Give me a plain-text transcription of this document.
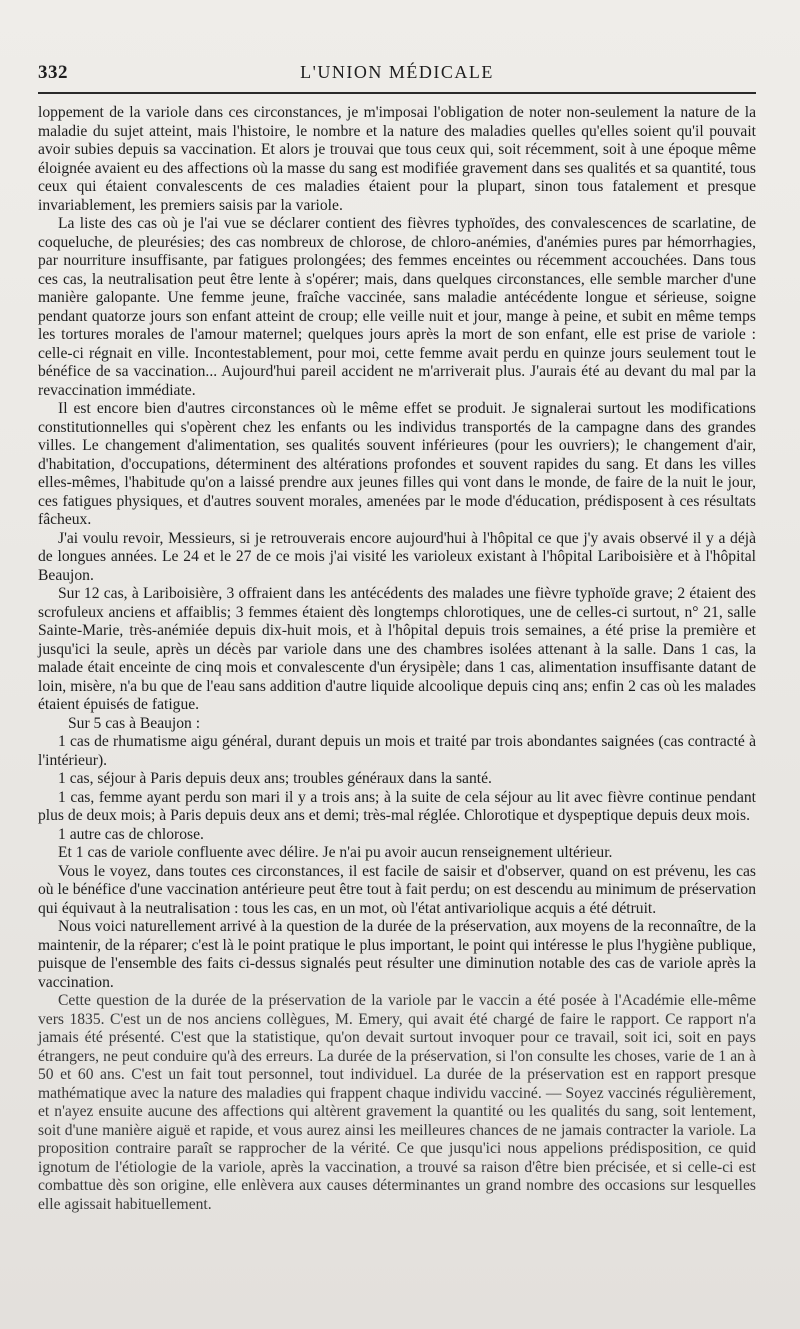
332	L'UNION MÉDICALE

loppement de la variole dans ces circonstances, je m'imposai l'obligation de noter non-seulement la nature de la maladie du sujet atteint, mais l'histoire, le nombre et la nature des maladies quelles qu'elles soient qu'il pouvait avoir subies depuis sa vaccination. Et alors je trouvai que tous ceux qui, soit récemment, soit à une époque même éloignée avaient eu des affections où la masse du sang est modifiée gravement dans ses qualités et sa quantité, tous ceux qui étaient convalescents de ces maladies étaient pour la plupart, sinon tous fatalement et presque invariablement, les premiers saisis par la variole.

La liste des cas où je l'ai vue se déclarer contient des fièvres typhoïdes, des convalescences de scarlatine, de coqueluche, de pleurésies; des cas nombreux de chlorose, de chloro-anémies, d'anémies pures par hémorrhagies, par nourriture insuffisante, par fatigues prolongées; des femmes enceintes ou récemment accouchées. Dans tous ces cas, la neutralisation peut être lente à s'opérer; mais, dans quelques circonstances, elle semble marcher d'une manière galopante. Une femme jeune, fraîche vaccinée, sans maladie antécédente longue et sérieuse, soigne pendant quatorze jours son enfant atteint de croup; elle veille nuit et jour, mange à peine, et subit en même temps les tortures morales de l'amour maternel; quelques jours après la mort de son enfant, elle est prise de variole : celle-ci régnait en ville. Incontestablement, pour moi, cette femme avait perdu en quinze jours seulement tout le bénéfice de sa vaccination... Aujourd'hui pareil accident ne m'arriverait plus. J'aurais été au devant du mal par la revaccination immédiate.

Il est encore bien d'autres circonstances où le même effet se produit. Je signalerai surtout les modifications constitutionnelles qui s'opèrent chez les enfants ou les individus transportés de la campagne dans des grandes villes. Le changement d'alimentation, ses qualités souvent inférieures (pour les ouvriers); le changement d'air, d'habitation, d'occupations, déterminent des altérations profondes et souvent rapides du sang. Et dans les villes elles-mêmes, l'habitude qu'on a laissé prendre aux jeunes filles qui vont dans le monde, de faire de la nuit le jour, ces fatigues physiques, et d'autres souvent morales, amenées par le mode d'éducation, prédisposent à ces résultats fâcheux.

J'ai voulu revoir, Messieurs, si je retrouverais encore aujourd'hui à l'hôpital ce que j'y avais observé il y a déjà de longues années. Le 24 et le 27 de ce mois j'ai visité les varioleux existant à l'hôpital Lariboisière et à l'hôpital Beaujon.

Sur 12 cas, à Lariboisière, 3 offraient dans les antécédents des malades une fièvre typhoïde grave; 2 étaient des scrofuleux anciens et affaiblis; 3 femmes étaient dès longtemps chlorotiques, une de celles-ci surtout, n° 21, salle Sainte-Marie, très-anémiée depuis dix-huit mois, et à l'hôpital depuis trois semaines, a été prise la première et jusqu'ici la seule, après un décès par variole dans une des chambres isolées attenant à la salle. Dans 1 cas, la malade était enceinte de cinq mois et convalescente d'un érysipèle; dans 1 cas, alimentation insuffisante datant de loin, misère, n'a bu que de l'eau sans addition d'autre liquide alcoolique depuis cinq ans; enfin 2 cas où les malades étaient épuisés de fatigue.

Sur 5 cas à Beaujon :

1 cas de rhumatisme aigu général, durant depuis un mois et traité par trois abondantes saignées (cas contracté à l'intérieur).

1 cas, séjour à Paris depuis deux ans; troubles généraux dans la santé.

1 cas, femme ayant perdu son mari il y a trois ans; à la suite de cela séjour au lit avec fièvre continue pendant plus de deux mois; à Paris depuis deux ans et demi; très-mal réglée. Chlorotique et dyspeptique depuis deux mois.

1 autre cas de chlorose.

Et 1 cas de variole confluente avec délire. Je n'ai pu avoir aucun renseignement ultérieur.

Vous le voyez, dans toutes ces circonstances, il est facile de saisir et d'observer, quand on est prévenu, les cas où le bénéfice d'une vaccination antérieure peut être tout à fait perdu; on est descendu au minimum de préservation qui équivaut à la neutralisation : tous les cas, en un mot, où l'état antivariolique acquis a été détruit.

Nous voici naturellement arrivé à la question de la durée de la préservation, aux moyens de la reconnaître, de la maintenir, de la réparer; c'est là le point pratique le plus important, le point qui intéresse le plus l'hygiène publique, puisque de l'ensemble des faits ci-dessus signalés peut résulter une diminution notable des cas de variole après la vaccination.

Cette question de la durée de la préservation de la variole par le vaccin a été posée à l'Académie elle-même vers 1835. C'est un de nos anciens collègues, M. Emery, qui avait été chargé de faire le rapport. Ce rapport n'a jamais été présenté. C'est que la statistique, qu'on devait surtout invoquer pour ce travail, soit ici, soit en pays étrangers, ne peut conduire qu'à des erreurs. La durée de la préservation, si l'on consulte les choses, varie de 1 an à 50 et 60 ans. C'est un fait tout personnel, tout individuel. La durée de la préservation est en rapport presque mathématique avec la nature des maladies qui frappent chaque individu vacciné. — Soyez vaccinés régulièrement, et n'ayez ensuite aucune des affections qui altèrent gravement la quantité ou les qualités du sang, soit lentement, soit d'une manière aiguë et rapide, et vous aurez ainsi les meilleures chances de ne jamais contracter la variole. La proposition contraire paraît se rapprocher de la vérité. Ce que jusqu'ici nous appelions prédisposition, ce quid ignotum de l'étiologie de la variole, après la vaccination, a trouvé sa raison d'être bien précisée, et si celle-ci est combattue dès son origine, elle enlèvera aux causes déterminantes un grand nombre des occasions sur lesquelles elle agissait habituellement.
